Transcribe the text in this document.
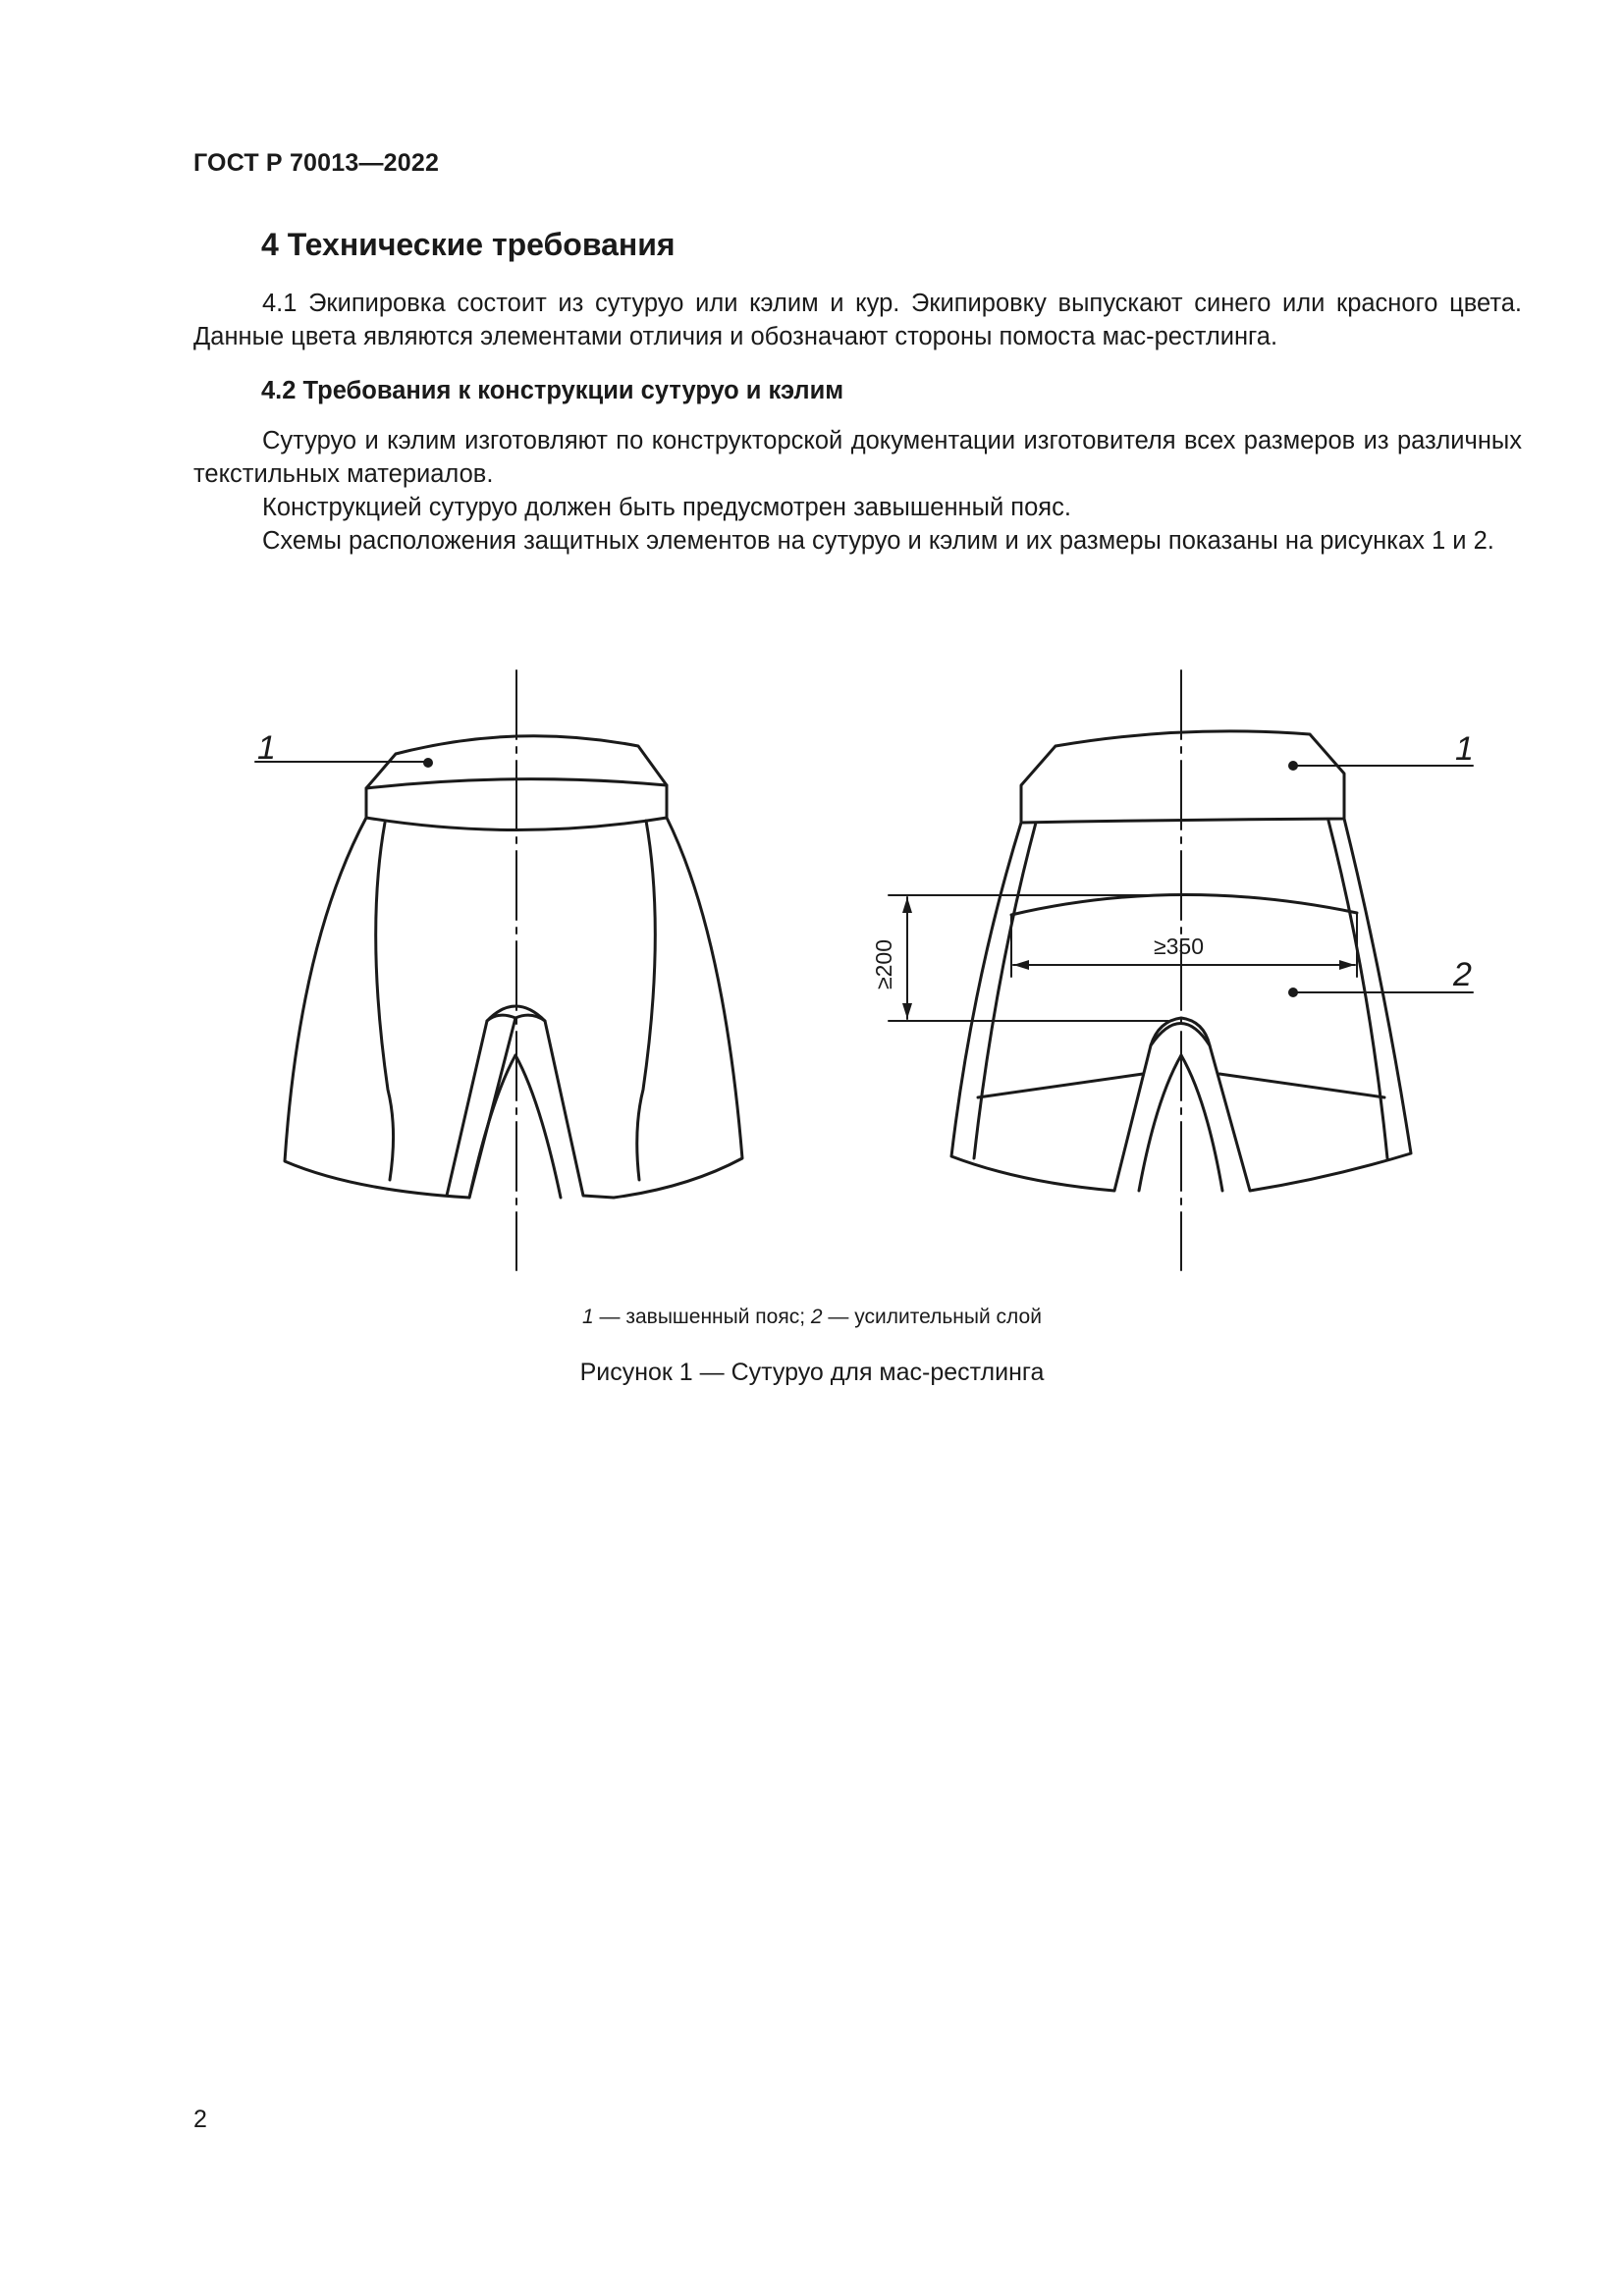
ГОСТ Р 70013—2022
4 Технические требования

4.1 Экипировка состоит из сутуруо или кэлим и кур. Экипировку выпускают синего или красного цвета. Данные цвета являются элементами отличия и обозначают стороны помоста мас-рестлинга.

4.2 Требования к конструкции сутуруо и кэлим

Сутуруо и кэлим изготовляют по конструкторской документации изготовителя всех размеров из различных текстильных материалов.

Конструкцией сутуруо должен быть предусмотрен завышенный пояс.

Схемы расположения защитных элементов на сутуруо и кэлим и их размеры показаны на рисунках 1 и 2.

1	1
2
≥200	≥350
1 — завышенный пояс; 2 — усилительный слой
Рисунок 1 — Сутуруо для мас-рестлинга
2
